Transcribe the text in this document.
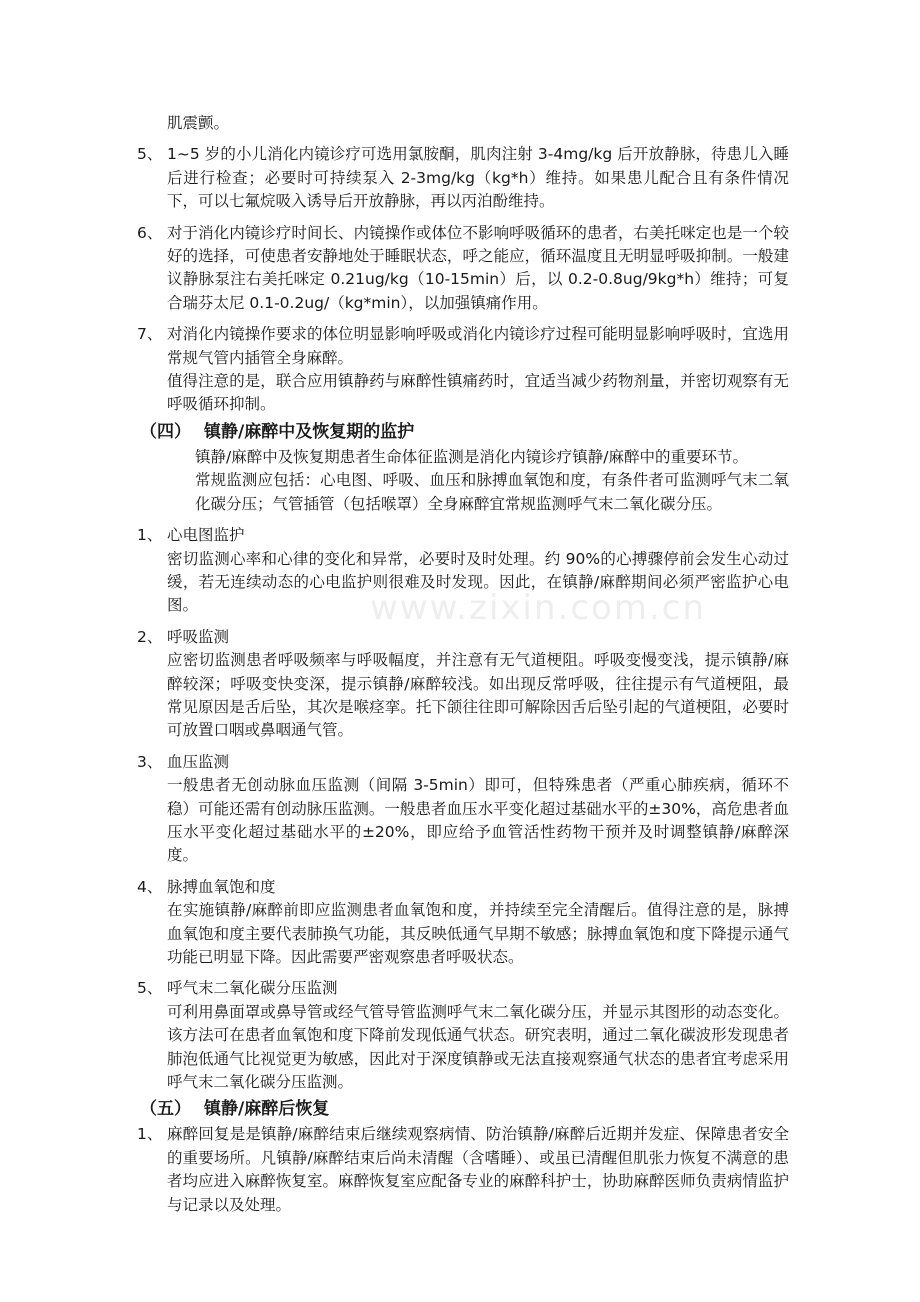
www.zixin.com.cn
肌震颤。
5、 1~5 岁的小儿消化内镜诊疗可选用氯胺酮，肌肉注射 3-4mg/kg 后开放静脉，待患儿入睡后进行检查；必要时可持续泵入 2-3mg/kg（kg*h）维持。如果患儿配合且有条件情况下，可以七氟烷吸入诱导后开放静脉，再以丙泊酚维持。
6、 对于消化内镜诊疗时间长、内镜操作或体位不影响呼吸循环的患者，右美托咪定也是一个较好的选择，可使患者安静地处于睡眠状态，呼之能应，循环温度且无明显呼吸抑制。一般建议静脉泵注右美托咪定 0.21ug/kg（10-15min）后，以 0.2-0.8ug/9kg*h）维持；可复合瑞芬太尼 0.1-0.2ug/（kg*min），以加强镇痛作用。
7、 对消化内镜操作要求的体位明显影响呼吸或消化内镜诊疗过程可能明显影响呼吸时，宜选用常规气管内插管全身麻醉。
值得注意的是，联合应用镇静药与麻醉性镇痛药时，宜适当减少药物剂量，并密切观察有无呼吸循环抑制。
（四） 镇静/麻醉中及恢复期的监护
镇静/麻醉中及恢复期患者生命体征监测是消化内镜诊疗镇静/麻醉中的重要环节。
常规监测应包括：心电图、呼吸、血压和脉搏血氧饱和度，有条件者可监测呼气末二氧化碳分压；气管插管（包括喉罩）全身麻醉宜常规监测呼气末二氧化碳分压。
1、 心电图监护
密切监测心率和心律的变化和异常，必要时及时处理。约 90%的心搏骤停前会发生心动过缓，若无连续动态的心电监护则很难及时发现。因此，在镇静/麻醉期间必须严密监护心电图。
2、 呼吸监测
应密切监测患者呼吸频率与呼吸幅度，并注意有无气道梗阻。呼吸变慢变浅，提示镇静/麻醉较深；呼吸变快变深，提示镇静/麻醉较浅。如出现反常呼吸，往往提示有气道梗阻，最常见原因是舌后坠，其次是喉痉挛。托下颌往往即可解除因舌后坠引起的气道梗阻，必要时可放置口咽或鼻咽通气管。
3、 血压监测
一般患者无创动脉血压监测（间隔 3-5min）即可，但特殊患者（严重心肺疾病，循环不稳）可能还需有创动脉压监测。一般患者血压水平变化超过基础水平的±30%，高危患者血压水平变化超过基础水平的±20%，即应给予血管活性药物干预并及时调整镇静/麻醉深度。
4、 脉搏血氧饱和度
在实施镇静/麻醉前即应监测患者血氧饱和度，并持续至完全清醒后。值得注意的是，脉搏血氧饱和度主要代表肺换气功能，其反映低通气早期不敏感；脉搏血氧饱和度下降提示通气功能已明显下降。因此需要严密观察患者呼吸状态。
5、 呼气末二氧化碳分压监测
可利用鼻面罩或鼻导管或经气管导管监测呼气末二氧化碳分压，并显示其图形的动态变化。该方法可在患者血氧饱和度下降前发现低通气状态。研究表明，通过二氧化碳波形发现患者肺泡低通气比视觉更为敏感，因此对于深度镇静或无法直接观察通气状态的患者宜考虑采用呼气末二氧化碳分压监测。
（五） 镇静/麻醉后恢复
1、 麻醉回复是是镇静/麻醉结束后继续观察病情、防治镇静/麻醉后近期并发症、保障患者安全的重要场所。凡镇静/麻醉结束后尚未清醒（含嗜睡）、或虽已清醒但肌张力恢复不满意的患者均应进入麻醉恢复室。麻醉恢复室应配备专业的麻醉科护士，协助麻醉医师负责病情监护与记录以及处理。
